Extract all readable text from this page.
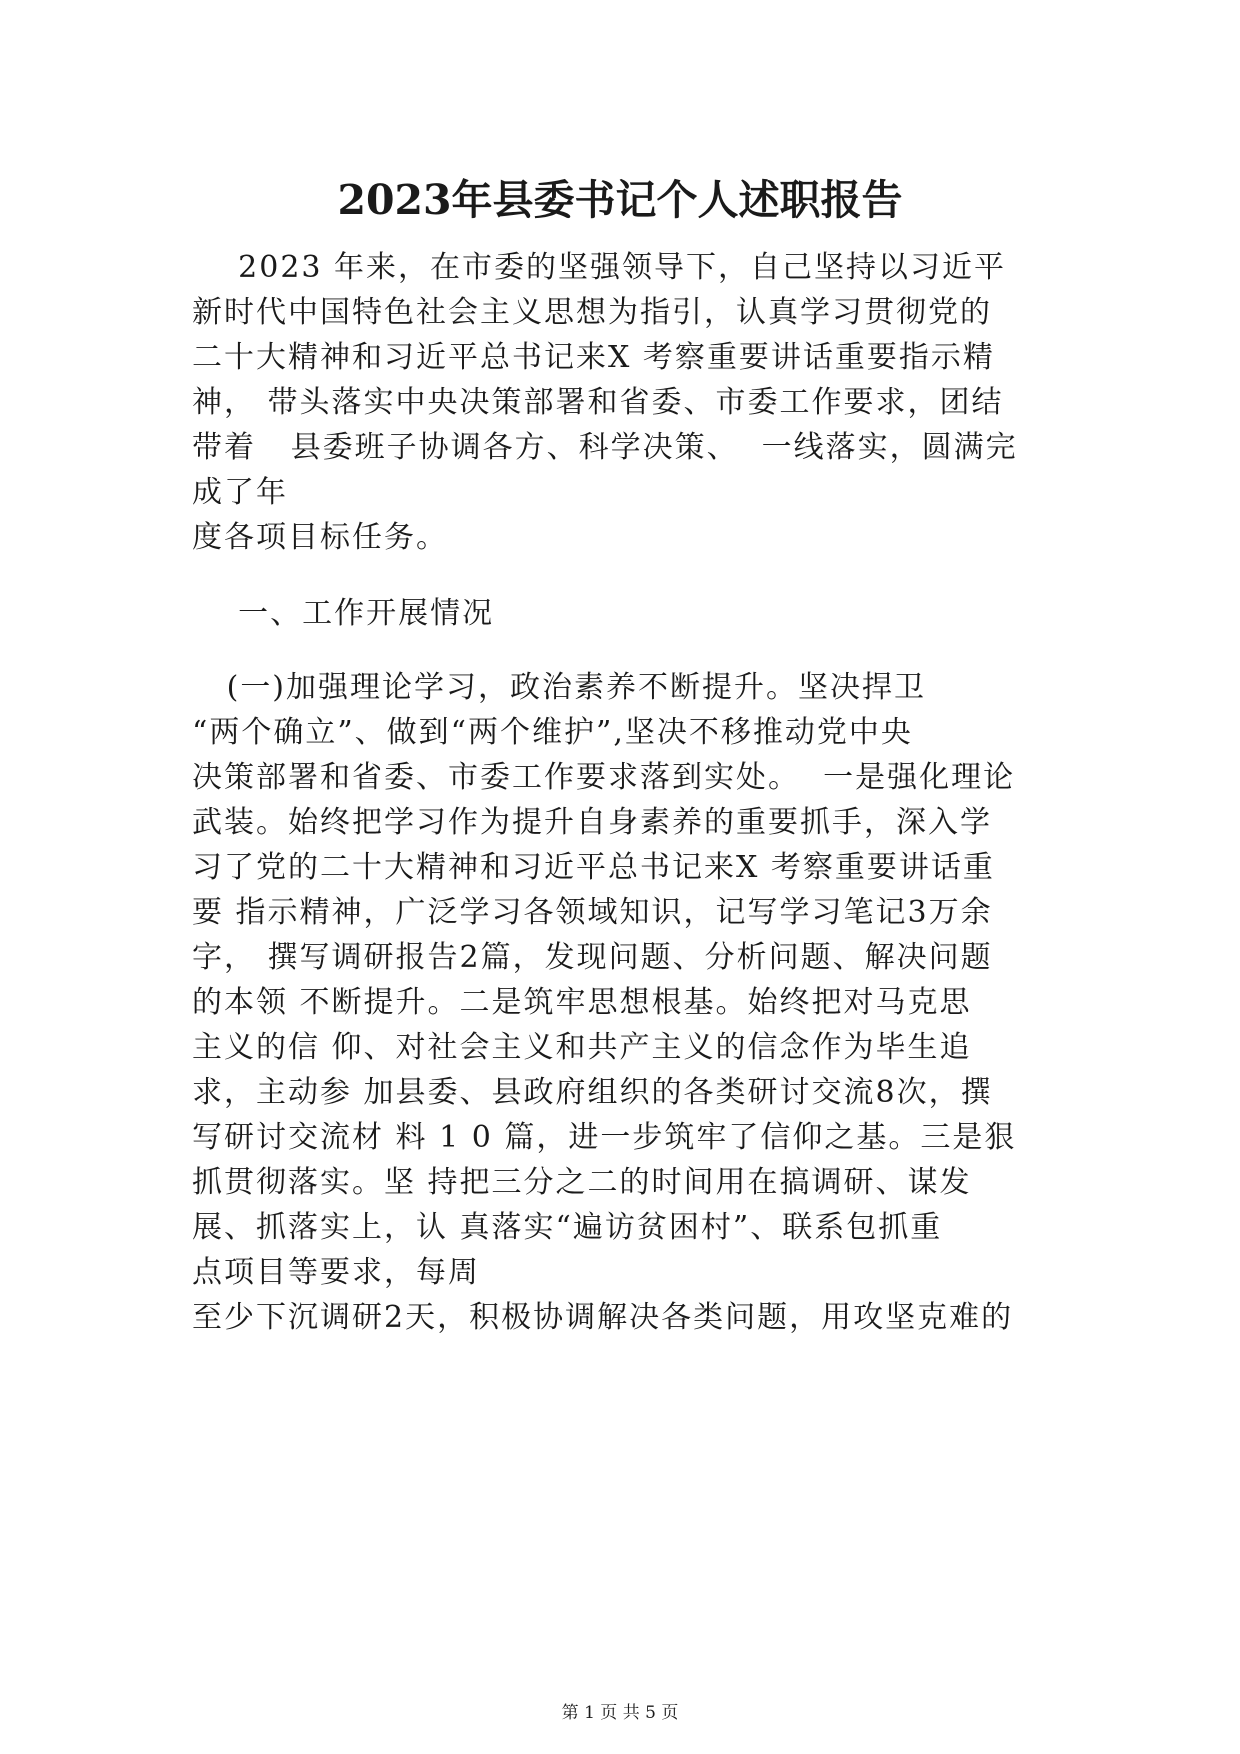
2023年县委书记个人述职报告
2023 年来，在市委的坚强领导下，自己坚持以习近平
新时代中国特色社会主义思想为指引，认真学习贯彻党的
二十大精神和习近平总书记来X 考察重要讲话重要指示精
神， 带头落实中央决策部署和省委、市委工作要求，团结
带着   县委班子协调各方、科学决策、  一线落实，圆满完
成了年
度各项目标任务。
一、工作开展情况
(一)加强理论学习，政治素养不断提升。坚决捍卫
“两个确立”、做到“两个维护”,坚决不移推动党中央
决策部署和省委、市委工作要求落到实处。  一是强化理论
武装。始终把学习作为提升自身素养的重要抓手，深入学
习了党的二十大精神和习近平总书记来X 考察重要讲话重
要 指示精神，广泛学习各领域知识，记写学习笔记3万余
字， 撰写调研报告2篇，发现问题、分析问题、解决问题
的本领 不断提升。二是筑牢思想根基。始终把对马克思
主义的信 仰、对社会主义和共产主义的信念作为毕生追
求，主动参 加县委、县政府组织的各类研讨交流8次，撰
写研讨交流材 料 1 0 篇，进一步筑牢了信仰之基。三是狠
抓贯彻落实。坚 持把三分之二的时间用在搞调研、谋发
展、抓落实上，认 真落实“遍访贫困村”、联系包抓重
点项目等要求，每周
至少下沉调研2天，积极协调解决各类问题，用攻坚克难的
第 1 页 共 5 页
